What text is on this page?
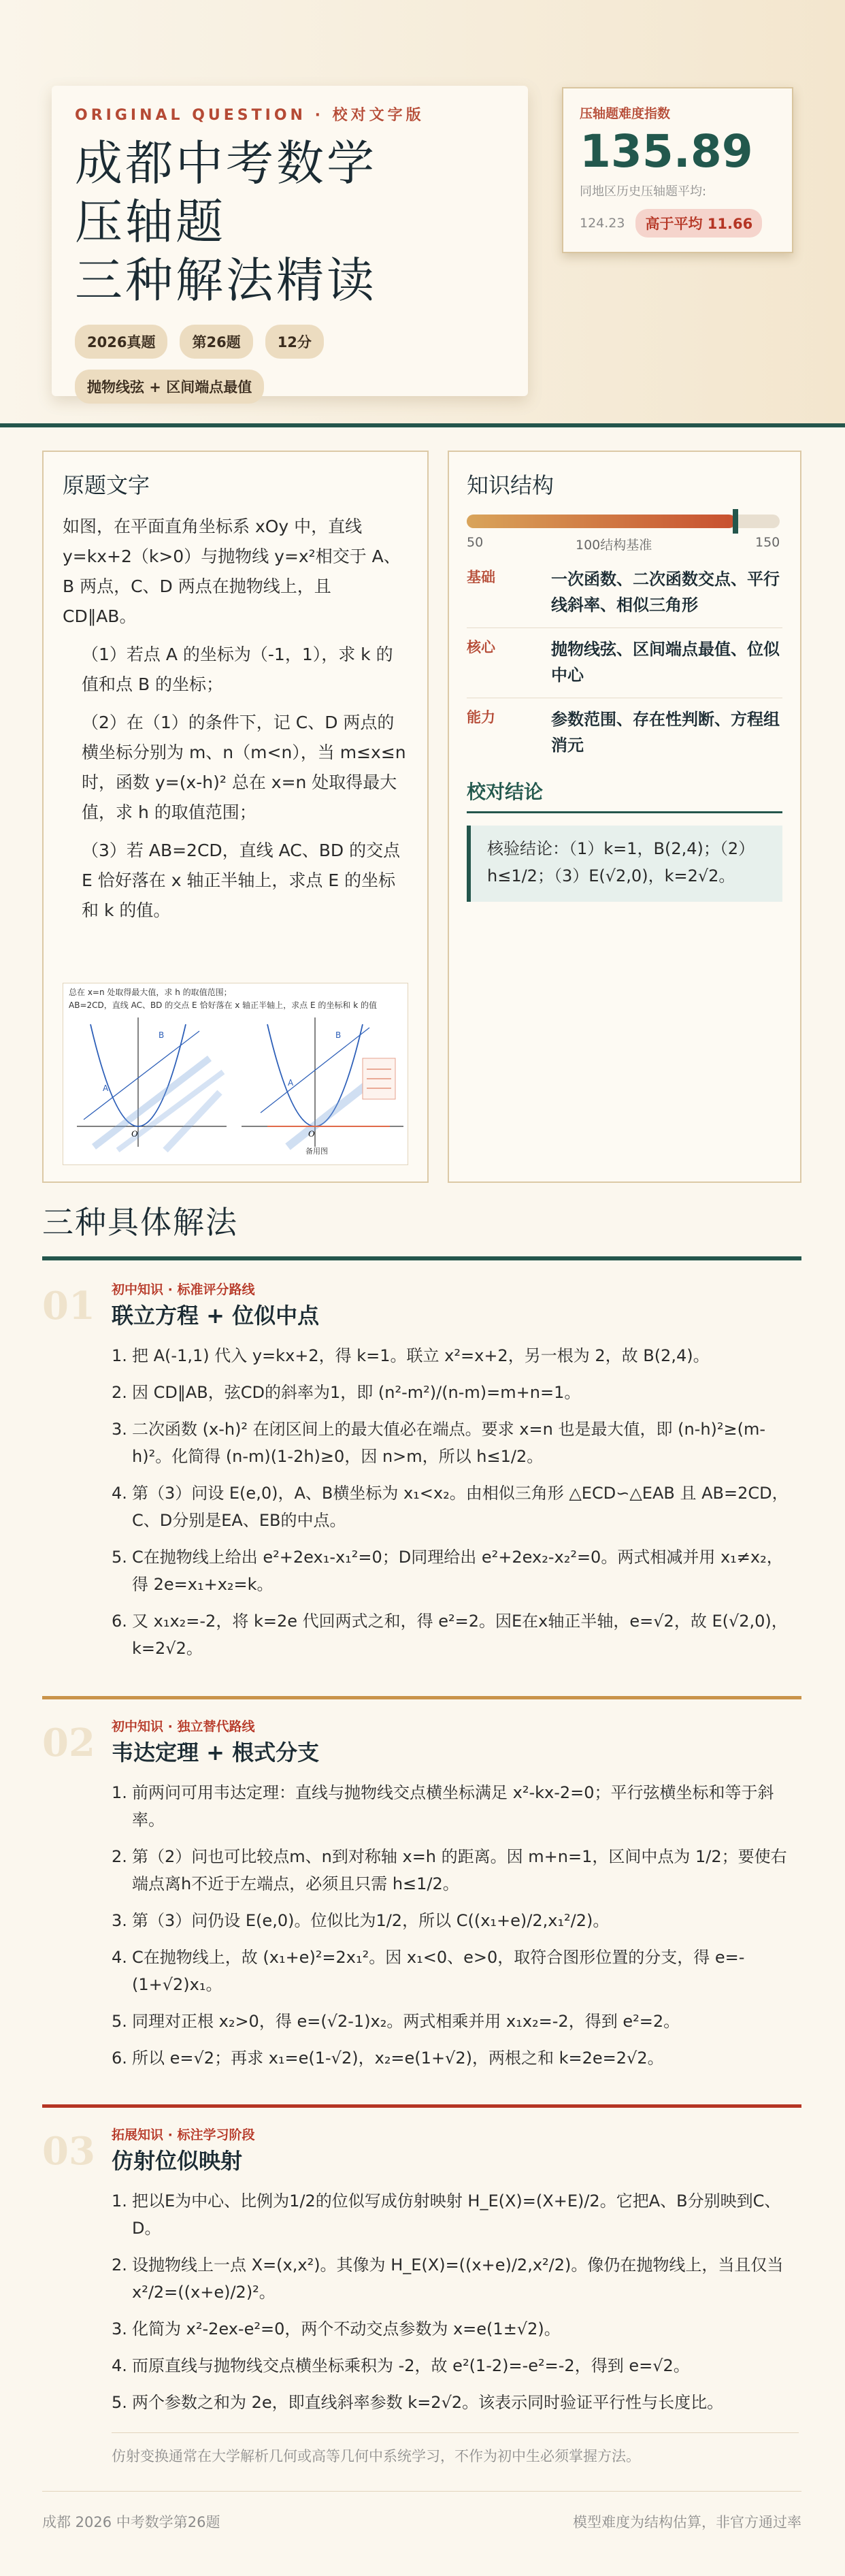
ORIGINAL QUESTION · 校对文字版
成都中考数学
压轴题
三种解法精读
2026真题	第26题	12分
抛物线弦 + 区间端点最值
压轴题难度指数
135.89
同地区历史压轴题平均:
124.23	高于平均 11.66
原题文字

如图，在平面直角坐标系 xOy 中，直线 y=kx+2（k>0）与抛物线 y=x²相交于 A、B 两点，C、D 两点在抛物线上，且 CD∥AB。

（1）若点 A 的坐标为（-1，1），求 k 的值和点 B 的坐标；

（2）在（1）的条件下，记 C、D 两点的横坐标分别为 m、n（m<n），当 m≤x≤n 时，函数 y=(x-h)² 总在 x=n 处取得最大值，求 h 的取值范围；

（3）若 AB=2CD，直线 AC、BD 的交点 E 恰好落在 x 轴正半轴上，求点 E 的坐标和 k 的值。

总在 x=n 处取得最大值，求 h 的取值范围；
AB=2CD，直线 AC、BD 的交点 E 恰好落在 x 轴正半轴上，求点 E 的坐标和 k 的值
O
B
A
O
B
A
备用图
知识结构
50	100结构基准	150
基础	一次函数、二次函数交点、平行线斜率、相似三角形
核心	抛物线弦、区间端点最值、位似中心
能力	参数范围、存在性判断、方程组消元
校对结论
核验结论：（1）k=1，B(2,4)；（2）h≤1/2；（3）E(√2,0)，k=2√2。
三种具体解法
01 初中知识 · 标准评分路线
联立方程 + 位似中点
1. 把 A(-1,1) 代入 y=kx+2，得 k=1。联立 x²=x+2，另一根为 2，故 B(2,4)。
2. 因 CD∥AB，弦CD的斜率为1，即 (n²-m²)/(n-m)=m+n=1。
3. 二次函数 (x-h)² 在闭区间上的最大值必在端点。要求 x=n 也是最大值，即 (n-h)²≥(m-h)²。化简得 (n-m)(1-2h)≥0，因 n>m，所以 h≤1/2。
4. 第（3）问设 E(e,0)，A、B横坐标为 x₁<x₂。由相似三角形 △ECD∽△EAB 且 AB=2CD，C、D分别是EA、EB的中点。
5. C在抛物线上给出 e²+2ex₁-x₁²=0；D同理给出 e²+2ex₂-x₂²=0。两式相减并用 x₁≠x₂，得 2e=x₁+x₂=k。
6. 又 x₁x₂=-2，将 k=2e 代回两式之和，得 e²=2。因E在x轴正半轴，e=√2，故 E(√2,0)，k=2√2。
02 初中知识 · 独立替代路线
韦达定理 + 根式分支
1. 前两问可用韦达定理：直线与抛物线交点横坐标满足 x²-kx-2=0；平行弦横坐标和等于斜率。
2. 第（2）问也可比较点m、n到对称轴 x=h 的距离。因 m+n=1，区间中点为 1/2；要使右端点离h不近于左端点，必须且只需 h≤1/2。
3. 第（3）问仍设 E(e,0)。位似比为1/2，所以 C((x₁+e)/2,x₁²/2)。
4. C在抛物线上，故 (x₁+e)²=2x₁²。因 x₁<0、e>0，取符合图形位置的分支，得 e=-(1+√2)x₁。
5. 同理对正根 x₂>0，得 e=(√2-1)x₂。两式相乘并用 x₁x₂=-2，得到 e²=2。
6. 所以 e=√2；再求 x₁=e(1-√2)，x₂=e(1+√2)，两根之和 k=2e=2√2。
03 拓展知识 · 标注学习阶段
仿射位似映射
1. 把以E为中心、比例为1/2的位似写成仿射映射 H_E(X)=(X+E)/2。它把A、B分别映到C、D。
2. 设抛物线上一点 X=(x,x²)。其像为 H_E(X)=((x+e)/2,x²/2)。像仍在抛物线上，当且仅当 x²/2=((x+e)/2)²。
3. 化简为 x²-2ex-e²=0，两个不动交点参数为 x=e(1±√2)。
4. 而原直线与抛物线交点横坐标乘积为 -2，故 e²(1-2)=-e²=-2，得到 e=√2。
5. 两个参数之和为 2e，即直线斜率参数 k=2√2。该表示同时验证平行性与长度比。
仿射变换通常在大学解析几何或高等几何中系统学习，不作为初中生必须掌握方法。
成都 2026 中考数学第26题	模型难度为结构估算，非官方通过率
